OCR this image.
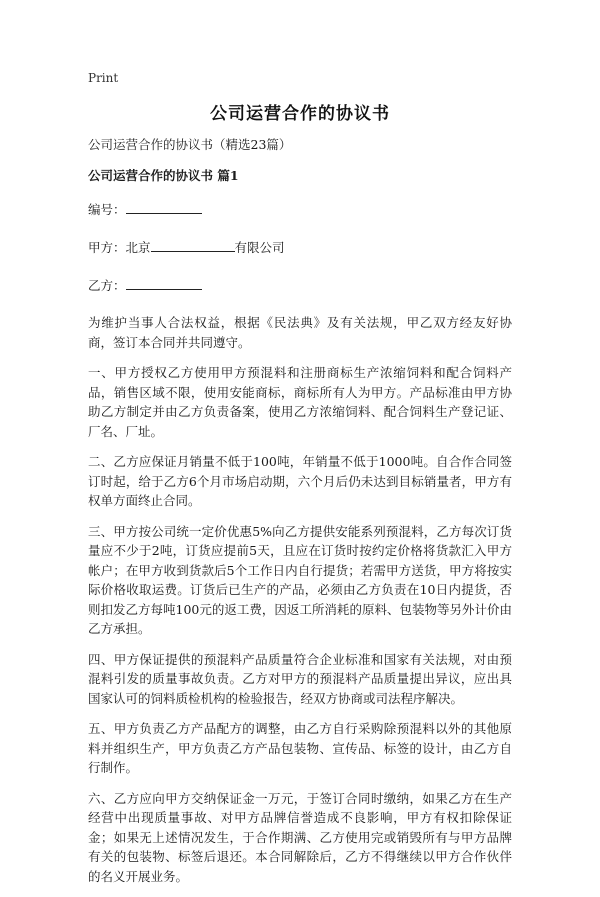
Print
公司运营合作的协议书
公司运营合作的协议书（精选23篇）
公司运营合作的协议书 篇1
编号：
甲方：北京	有限公司
乙方：

为维护当事人合法权益，根据《民法典》及有关法规，甲乙双方经友好协商，签订本合同并共同遵守。

一、甲方授权乙方使用甲方预混料和注册商标生产浓缩饲料和配合饲料产品，销售区域不限，使用安能商标，商标所有人为甲方。产品标准由甲方协助乙方制定并由乙方负责备案，使用乙方浓缩饲料、配合饲料生产登记证、厂名、厂址。

二、乙方应保证月销量不低于100吨，年销量不低于1000吨。自合作合同签订时起，给于乙方6个月市场启动期，六个月后仍未达到目标销量者，甲方有权单方面终止合同。

三、甲方按公司统一定价优惠5%向乙方提供安能系列预混料，乙方每次订货量应不少于2吨，订货应提前5天，且应在订货时按约定价格将货款汇入甲方帐户；在甲方收到货款后5个工作日内自行提货；若需甲方送货，甲方将按实际价格收取运费。订货后已生产的产品，必须由乙方负责在10日内提货，否则扣发乙方每吨100元的返工费，因返工所消耗的原料、包装物等另外计价由乙方承担。

四、甲方保证提供的预混料产品质量符合企业标准和国家有关法规，对由预混料引发的质量事故负责。乙方对甲方的预混料产品质量提出异议，应出具国家认可的饲料质检机构的检验报告，经双方协商或司法程序解决。

五、甲方负责乙方产品配方的调整，由乙方自行采购除预混料以外的其他原料并组织生产，甲方负责乙方产品包装物、宣传品、标签的设计，由乙方自行制作。

六、乙方应向甲方交纳保证金一万元，于签订合同时缴纳，如果乙方在生产经营中出现质量事故、对甲方品牌信誉造成不良影响，甲方有权扣除保证金；如果无上述情况发生，于合作期满、乙方使用完或销毁所有与甲方品牌有关的包装物、标签后退还。本合同解除后，乙方不得继续以甲方合作伙伴的名义开展业务。
